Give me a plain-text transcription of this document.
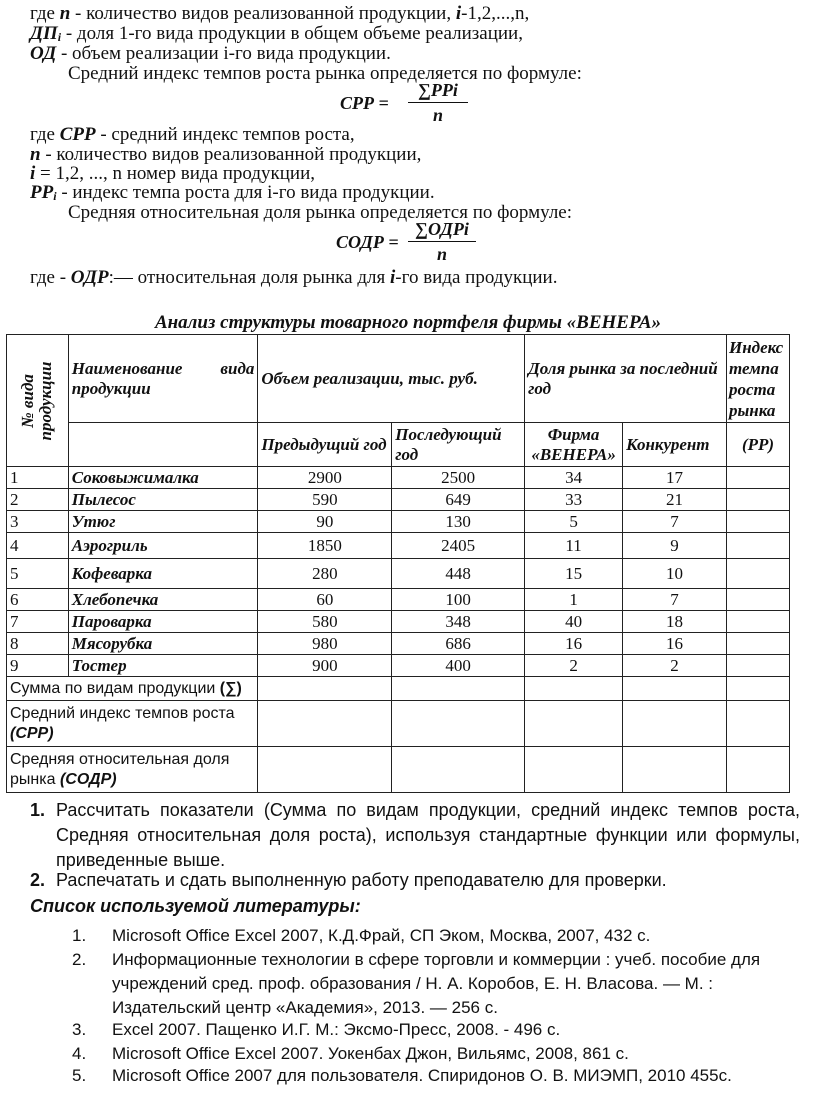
где n - количество видов реализованной продукции, i-1,2,...,n,
$ДП_i$ - доля 1-го вида продукции в общем объеме реализации,
ОД - объем реализации i-го вида продукции.
Средний индекс темпов роста рынка определяется по формуле:
СРР =
∑PPi
n
где СРР - средний индекс темпов роста,
n - количество видов реализованной продукции,
i = 1,2, ..., n номер вида продукции,
$PP_i$ - индекс темпа роста для i-го вида продукции.
Средняя относительная доля рынка определяется по формуле:
СОДР =
∑ОДРi
n
где - ОДР:— относительная доля рынка для i-го вида продукции.
Анализ структуры товарного портфеля фирмы «ВЕНЕРА»
№ вида продукции	Наименование вида продукции	Объем реализации, тыс. руб.		Доля рынка за последний год		Индекс темпа роста рынка
		Предыдущий год	Последующий год	Фирма «ВЕНЕРА»	Конкурент	(РР)
1	Соковыжималка	2900	2500	34	17	
2	Пылесос	590	649	33	21	
3	Утюг	90	130	5	7	
4	Аэрогриль	1850	2405	11	9	
5	Кофеварка	280	448	15	10	
6	Хлебопечка	60	100	1	7	
7	Пароварка	580	348	40	18	
8	Мясорубка	980	686	16	16	
9	Тостер	900	400	2	2	
Сумма по видам продукции (∑)						
Средний индекс темпов роста (СРР)						
Средняя относительная доля рынка (СОДР)						
1. Рассчитать показатели (Сумма по видам продукции, средний индекс темпов роста, Средняя относительная доля роста), используя стандартные функции или формулы, приведенные выше.
2. Распечатать и сдать выполненную работу преподавателю для проверки.
Список используемой литературы:
1. Microsoft Office Excel 2007, К.Д.Фрай, СП Эком, Москва, 2007, 432 с.
2. Информационные технологии в сфере торговли и коммерции : учеб. пособие для учреждений сред. проф. образования / Н. А. Коробов, Е. Н. Власова. — М. : Издательский центр «Академия», 2013. — 256 с.
3. Excel 2007. Пащенко И.Г. М.: Эксмо-Пресс, 2008. - 496 с.
4. Microsoft Office Excel 2007. Уокенбах Джон, Вильямс, 2008, 861 с.
5. Microsoft Office 2007 для пользователя. Спиридонов О. В. МИЭМП, 2010 455с.
